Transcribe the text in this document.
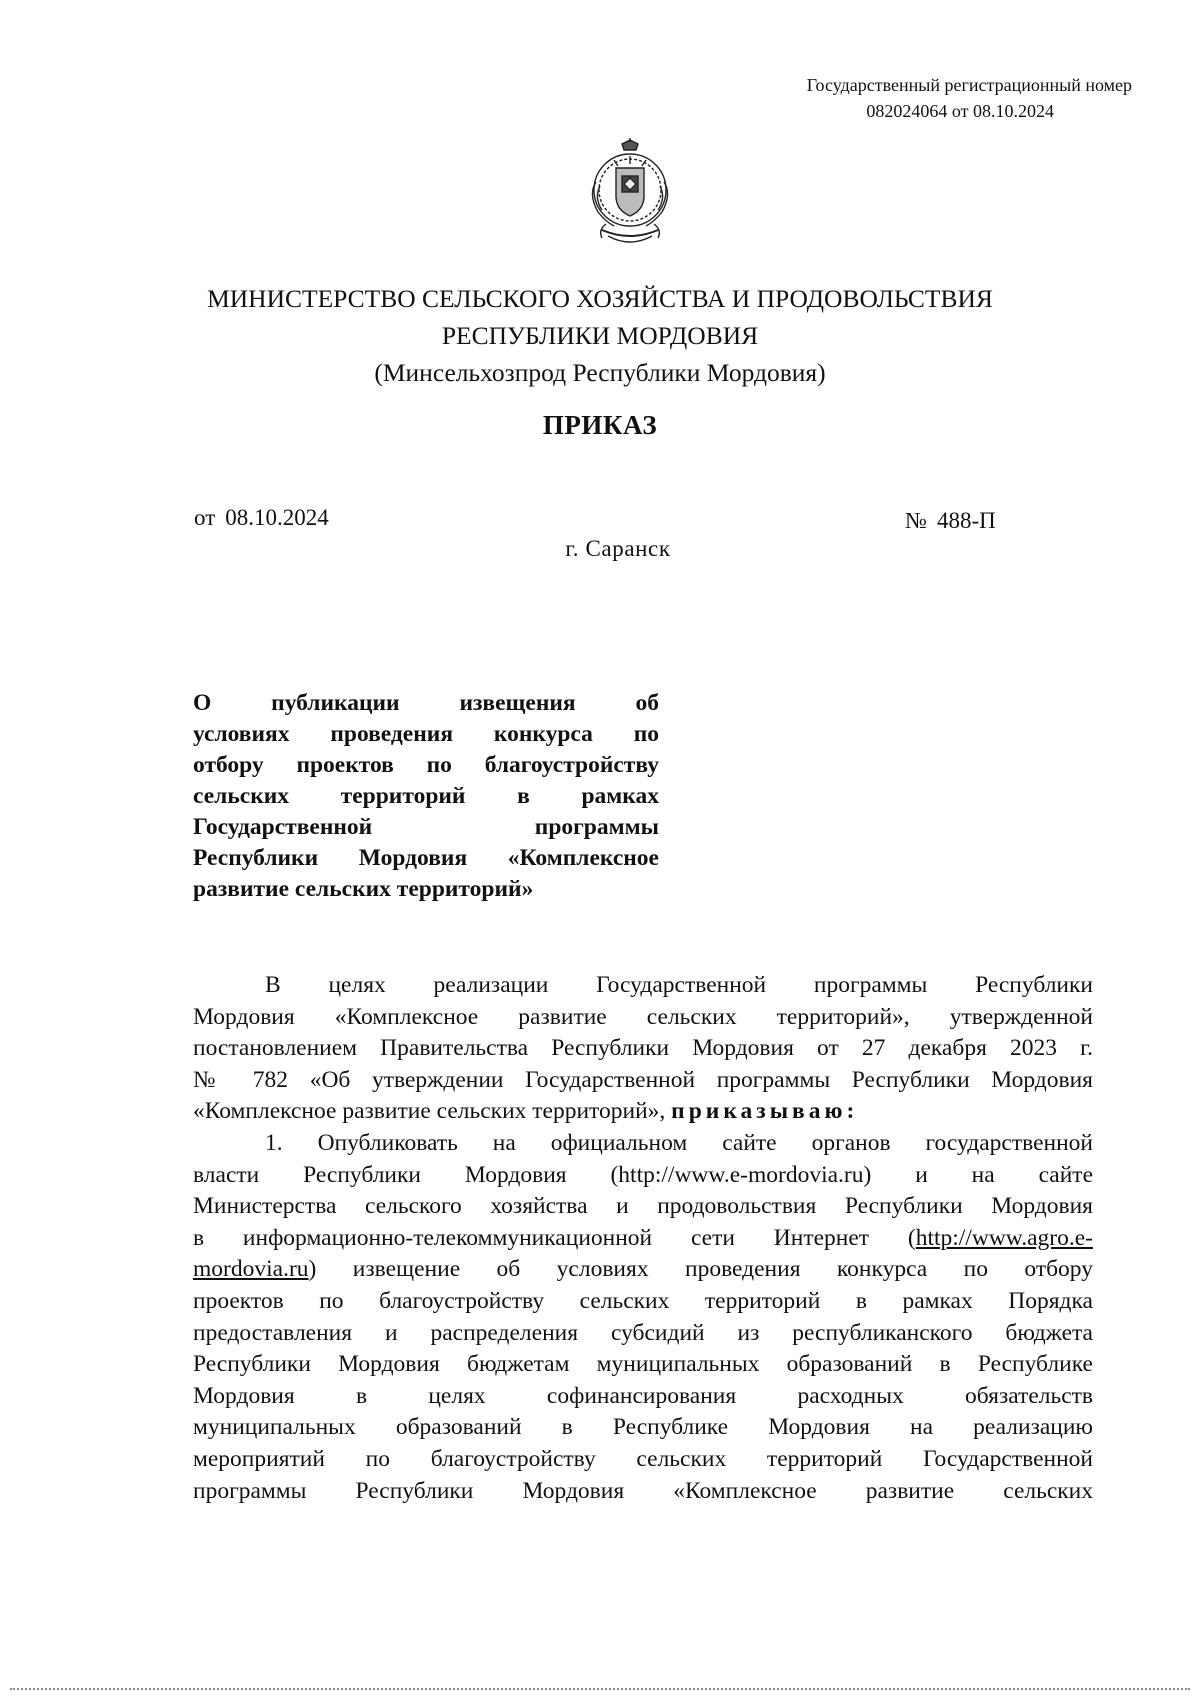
Государственный регистрационный номер

082024064 от 08.10.2024
МИНИСТЕРСТВО СЕЛЬСКОГО ХОЗЯЙСТВА И ПРОДОВОЛЬСТВИЯ
РЕСПУБЛИКИ МОРДОВИЯ
(Минсельхозпрод Республики Мордовия)
ПРИКАЗ
от 08.10.2024	№ 488-П
г. Саранск
О публикации извещения об
условиях проведения конкурса по
отбору проектов по благоустройству
сельских территорий в рамках
Государственной программы
Республики Мордовия «Комплексное
развитие сельских территорий»
В целях реализации Государственной программы Республики
Мордовия «Комплексное развитие сельских территорий», утвержденной
постановлением Правительства Республики Мордовия от 27 декабря 2023 г.
№ 782 «Об утверждении Государственной программы Республики Мордовия
«Комплексное развитие сельских территорий», приказываю:
1. Опубликовать на официальном сайте органов государственной
власти Республики Мордовия (http://www.e-mordovia.ru) и на сайте
Министерства сельского хозяйства и продовольствия Республики Мордовия
в информационно-телекоммуникационной сети Интернет (http://www.agro.e-
mordovia.ru) извещение об условиях проведения конкурса по отбору
проектов по благоустройству сельских территорий в рамках Порядка
предоставления и распределения субсидий из республиканского бюджета
Республики Мордовия бюджетам муниципальных образований в Республике
Мордовия в целях софинансирования расходных обязательств
муниципальных образований в Республике Мордовия на реализацию
мероприятий по благоустройству сельских территорий Государственной
программы Республики Мордовия «Комплексное развитие сельских
